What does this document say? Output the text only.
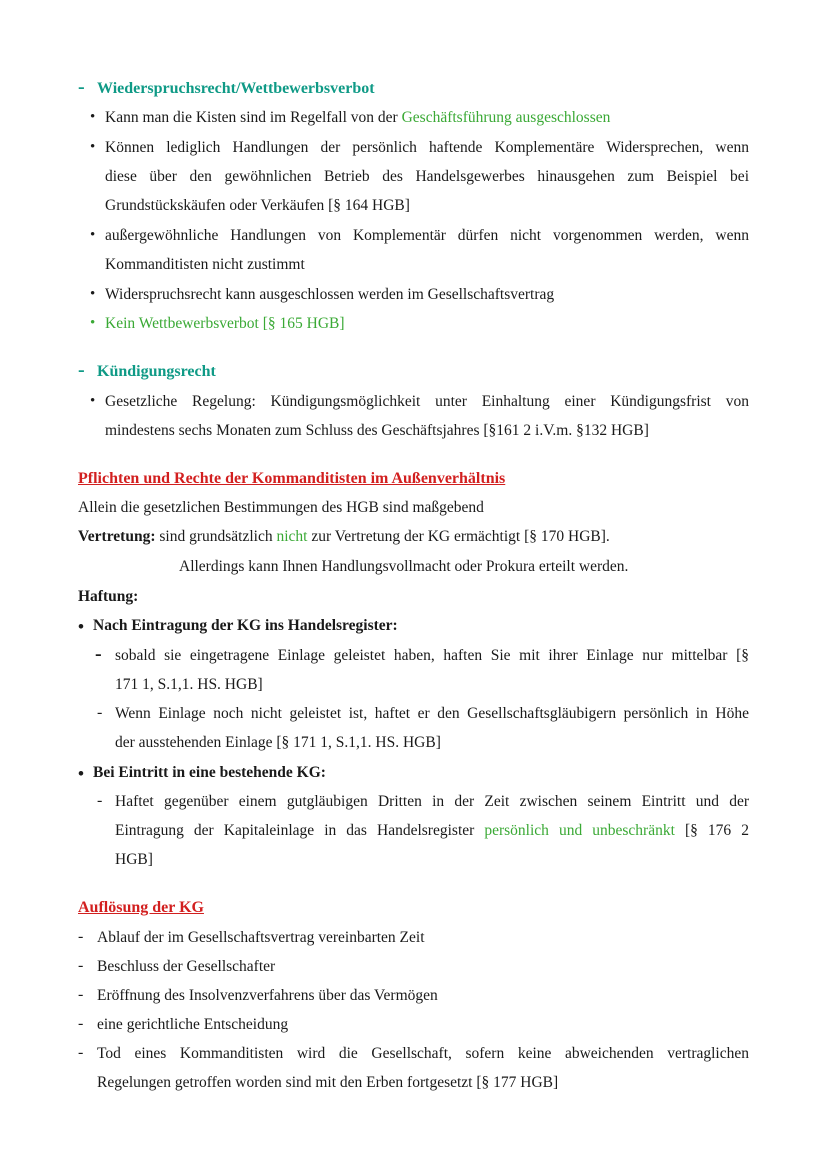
- Wiederspruchsrecht/Wettbewerbsverbot
• Kann man die Kisten sind im Regelfall von der Geschäftsführung ausgeschlossen
• Können lediglich Handlungen der persönlich haftende Komplementäre Widersprechen, wenn
diese über den gewöhnlichen Betrieb des Handelsgewerbes hinausgehen zum Beispiel bei
Grundstückskäufen oder Verkäufen [§ 164 HGB]
• außergewöhnliche Handlungen von Komplementär dürfen nicht vorgenommen werden, wenn
Kommanditisten nicht zustimmt
• Widerspruchsrecht kann ausgeschlossen werden im Gesellschaftsvertrag
• Kein Wettbewerbsverbot [§ 165 HGB]
- Kündigungsrecht
• Gesetzliche Regelung: Kündigungsmöglichkeit unter Einhaltung einer Kündigungsfrist von
mindestens sechs Monaten zum Schluss des Geschäftsjahres [§161 2 i.V.m. §132 HGB]
Pflichten und Rechte der Kommanditisten im Außenverhältnis
Allein die gesetzlichen Bestimmungen des HGB sind maßgebend
Vertretung: sind grundsätzlich nicht zur Vertretung der KG ermächtigt [§ 170 HGB].
Allerdings kann Ihnen Handlungsvollmacht oder Prokura erteilt werden.
Haftung:
• Nach Eintragung der KG ins Handelsregister:
- sobald sie eingetragene Einlage geleistet haben, haften Sie mit ihrer Einlage nur mittelbar [§
171 1, S.1,1. HS. HGB]
- Wenn Einlage noch nicht geleistet ist, haftet er den Gesellschaftsgläubigern persönlich in Höhe
der ausstehenden Einlage [§ 171 1, S.1,1. HS. HGB]
• Bei Eintritt in eine bestehende KG:
- Haftet gegenüber einem gutgläubigen Dritten in der Zeit zwischen seinem Eintritt und der
Eintragung der Kapitaleinlage in das Handelsregister persönlich und unbeschränkt [§ 176 2
HGB]
Auflösung der KG
- Ablauf der im Gesellschaftsvertrag vereinbarten Zeit
- Beschluss der Gesellschafter
- Eröffnung des Insolvenzverfahrens über das Vermögen
- eine gerichtliche Entscheidung
- Tod eines Kommanditisten wird die Gesellschaft, sofern keine abweichenden vertraglichen
Regelungen getroffen worden sind mit den Erben fortgesetzt [§ 177 HGB]
